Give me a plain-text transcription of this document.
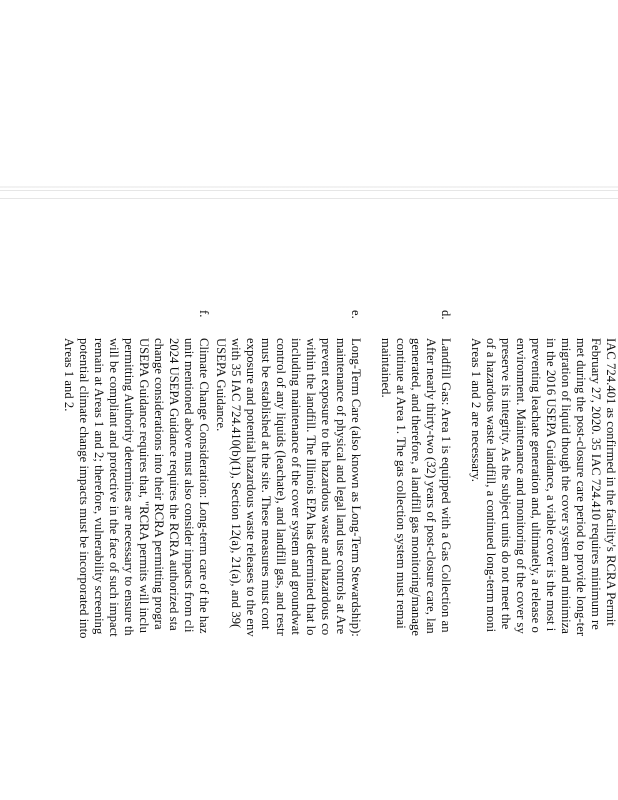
IAC 724.401 as confirmed in the facility's RCRA Permit
February 27, 2020. 35 IAC 724.410 requires minimum re
met during the post-closure care period to provide long-ter
migration of liquid though the cover system and minimiza
in the 2016 USEPA Guidance, a viable cover is the most i
preventing leachate generation and, ultimately, a release o
environment. Maintenance and monitoring of the cover sy
preserve its integrity. As the subject units do not meet the
of a hazardous waste landfill, a continued long-term moni
Areas 1 and 2 are necessary.
d.
Landfill Gas: Area 1 is equipped with a Gas Collection an
After nearly thirty-two (32) years of post-closure care, lan
generated, and therefore, a landfill gas monitoring/manage
continue at Area 1. The gas collection system must remai
maintained.
e.
Long-Term Care (also known as Long-Term Stewardship):
maintenance of physical and legal land use controls at Are
prevent exposure to the hazardous waste and hazardous co
within the landfill. The Illinois EPA has determined that lo
including maintenance of the cover system and groundwat
control of any liquids (leachate), and landfill gas, and restr
must be established at the site. These measures must cont
exposure and potential hazardous waste releases to the env
with 35 IAC 724.410(b)(1), Section 12(a), 21(a), and 39(
USEPA Guidance.
f.
Climate Change Consideration: Long-term care of the haz
unit mentioned above must also consider impacts from cli
2024 USEPA Guidance requires the RCRA authorized sta
change considerations into their RCRA permitting progra
USEPA Guidance requires that, "RCRA permits will inclu
permitting Authority determines are necessary to ensure th
will be compliant and protective in the face of such impact
remain at Areas 1 and 2; therefore, vulnerability screening
potential climate change impacts must be incorporated into
Areas 1 and 2.
